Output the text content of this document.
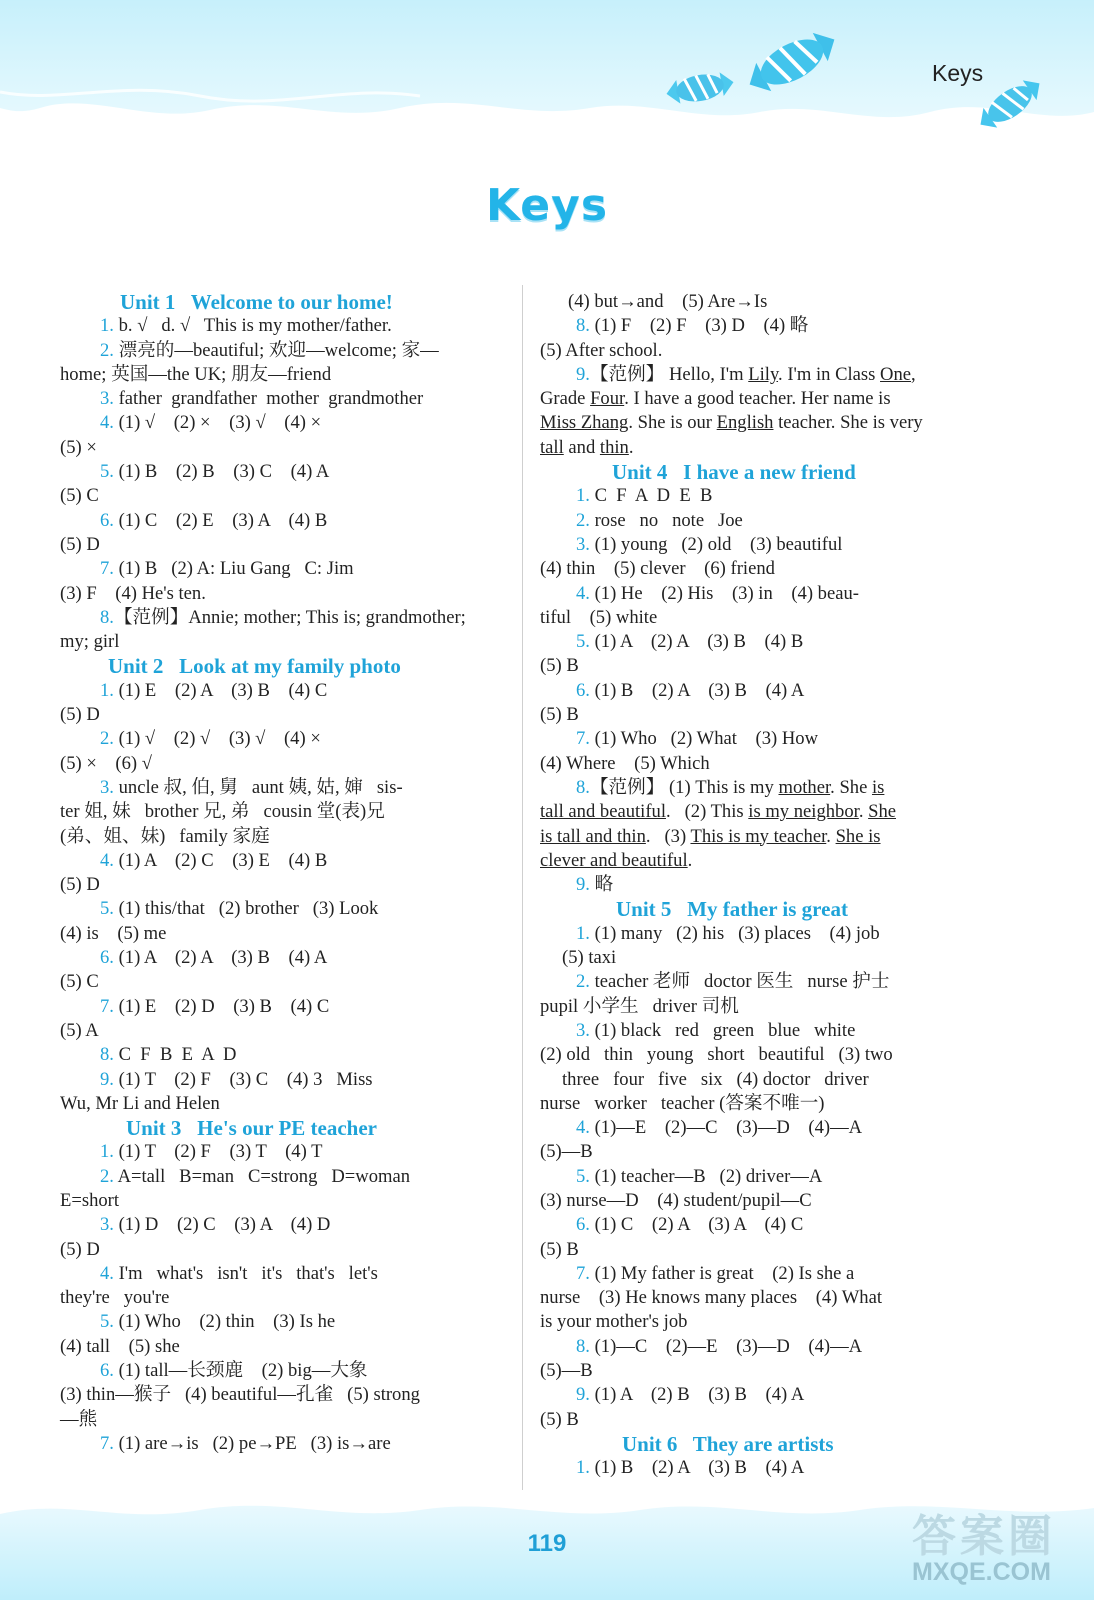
Keys
Keys
Unit 1   Welcome to our home!
1. b. √   d. √   This is my mother/father.
2. 漂亮的—beautiful; 欢迎—welcome; 家—
home; 英国—the UK; 朋友—friend
3. father  grandfather  mother  grandmother
4. (1) √    (2) ×    (3) √    (4) ×
(5) ×
5. (1) B    (2) B    (3) C    (4) A
(5) C
6. (1) C    (2) E    (3) A    (4) B
(5) D
7. (1) B   (2) A: Liu Gang   C: Jim
(3) F    (4) He's ten.
8.【范例】Annie; mother; This is; grandmother;
my; girl
Unit 2   Look at my family photo
1. (1) E    (2) A    (3) B    (4) C
(5) D
2. (1) √    (2) √    (3) √    (4) ×
(5) ×    (6) √
3. uncle 叔, 伯, 舅   aunt 姨, 姑, 婶   sis-
ter 姐, 妹   brother 兄, 弟   cousin 堂(表)兄
(弟、姐、妹)   family 家庭
4. (1) A    (2) C    (3) E    (4) B
(5) D
5. (1) this/that   (2) brother   (3) Look
(4) is    (5) me
6. (1) A    (2) A    (3) B    (4) A
(5) C
7. (1) E    (2) D    (3) B    (4) C
(5) A
8. C  F  B  E  A  D
9. (1) T    (2) F    (3) C    (4) 3   Miss
Wu, Mr Li and Helen
Unit 3   He's our PE teacher
1. (1) T    (2) F    (3) T    (4) T
2. A=tall   B=man   C=strong   D=woman
E=short
3. (1) D    (2) C    (3) A    (4) D
(5) D
4. I'm   what's   isn't   it's   that's   let's
they're   you're
5. (1) Who    (2) thin    (3) Is he
(4) tall    (5) she
6. (1) tall—长颈鹿    (2) big—大象
(3) thin—猴子   (4) beautiful—孔雀   (5) strong
—熊
7. (1) are→is   (2) pe→PE   (3) is→are
(4) but→and    (5) Are→Is
8. (1) F    (2) F    (3) D    (4) 略
(5) After school.
9.【范例】 Hello, I'm Lily. I'm in Class One,
Grade Four. I have a good teacher. Her name is
Miss Zhang. She is our English teacher. She is very
tall and thin.
Unit 4   I have a new friend
1. C  F  A  D  E  B
2. rose   no   note   Joe
3. (1) young   (2) old    (3) beautiful
(4) thin    (5) clever    (6) friend
4. (1) He    (2) His    (3) in    (4) beau-
tiful    (5) white
5. (1) A    (2) A    (3) B    (4) B
(5) B
6. (1) B    (2) A    (3) B    (4) A
(5) B
7. (1) Who   (2) What    (3) How
(4) Where    (5) Which
8.【范例】 (1) This is my mother. She is
tall and beautiful.   (2) This is my neighbor. She
is tall and thin.   (3) This is my teacher. She is
clever and beautiful.
9. 略
Unit 5   My father is great
1. (1) many   (2) his   (3) places    (4) job
(5) taxi
2. teacher 老师   doctor 医生   nurse 护士
pupil 小学生   driver 司机
3. (1) black   red   green   blue   white
(2) old   thin   young   short   beautiful   (3) two
three   four   five   six   (4) doctor   driver
nurse   worker   teacher (答案不唯一)
4. (1)—E    (2)—C    (3)—D    (4)—A
(5)—B
5. (1) teacher—B   (2) driver—A
(3) nurse—D    (4) student/pupil—C
6. (1) C    (2) A    (3) A    (4) C
(5) B
7. (1) My father is great    (2) Is she a
nurse    (3) He knows many places    (4) What
is your mother's job
8. (1)—C    (2)—E    (3)—D    (4)—A
(5)—B
9. (1) A    (2) B    (3) B    (4) A
(5) B
Unit 6   They are artists
1. (1) B    (2) A    (3) B    (4) A
119	答案圈
MXQE.COM
